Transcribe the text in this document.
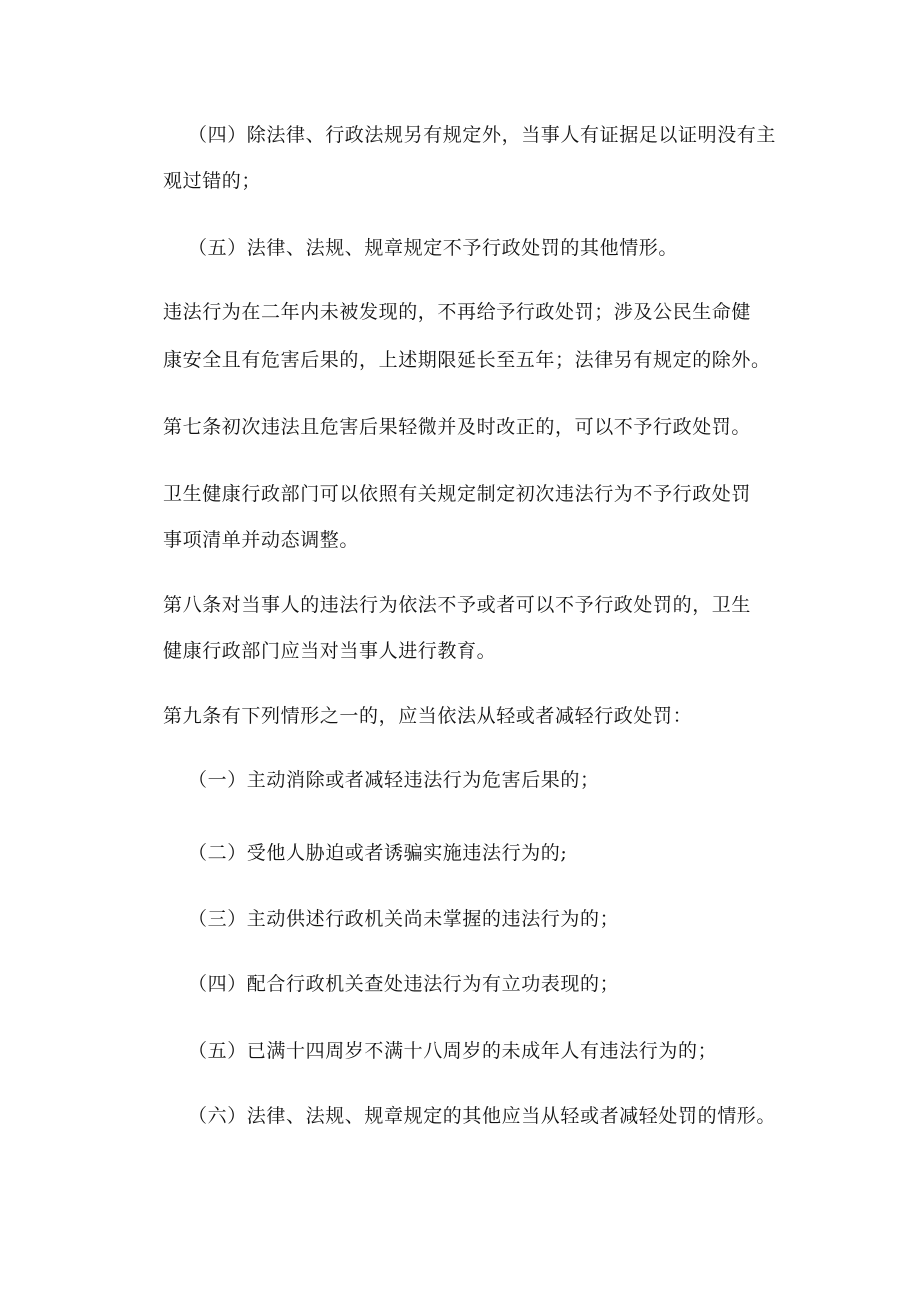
（四）除法律、行政法规另有规定外，当事人有证据足以证明没有主
观过错的；
（五）法律、法规、规章规定不予行政处罚的其他情形。
违法行为在二年内未被发现的，不再给予行政处罚；涉及公民生命健
康安全且有危害后果的，上述期限延长至五年；法律另有规定的除外。
第七条初次违法且危害后果轻微并及时改正的，可以不予行政处罚。
卫生健康行政部门可以依照有关规定制定初次违法行为不予行政处罚
事项清单并动态调整。
第八条对当事人的违法行为依法不予或者可以不予行政处罚的，卫生
健康行政部门应当对当事人进行教育。
第九条有下列情形之一的，应当依法从轻或者减轻行政处罚：
（一）主动消除或者减轻违法行为危害后果的；
（二）受他人胁迫或者诱骗实施违法行为的;
（三）主动供述行政机关尚未掌握的违法行为的；
（四）配合行政机关查处违法行为有立功表现的；
（五）已满十四周岁不满十八周岁的未成年人有违法行为的；
（六）法律、法规、规章规定的其他应当从轻或者减轻处罚的情形。
